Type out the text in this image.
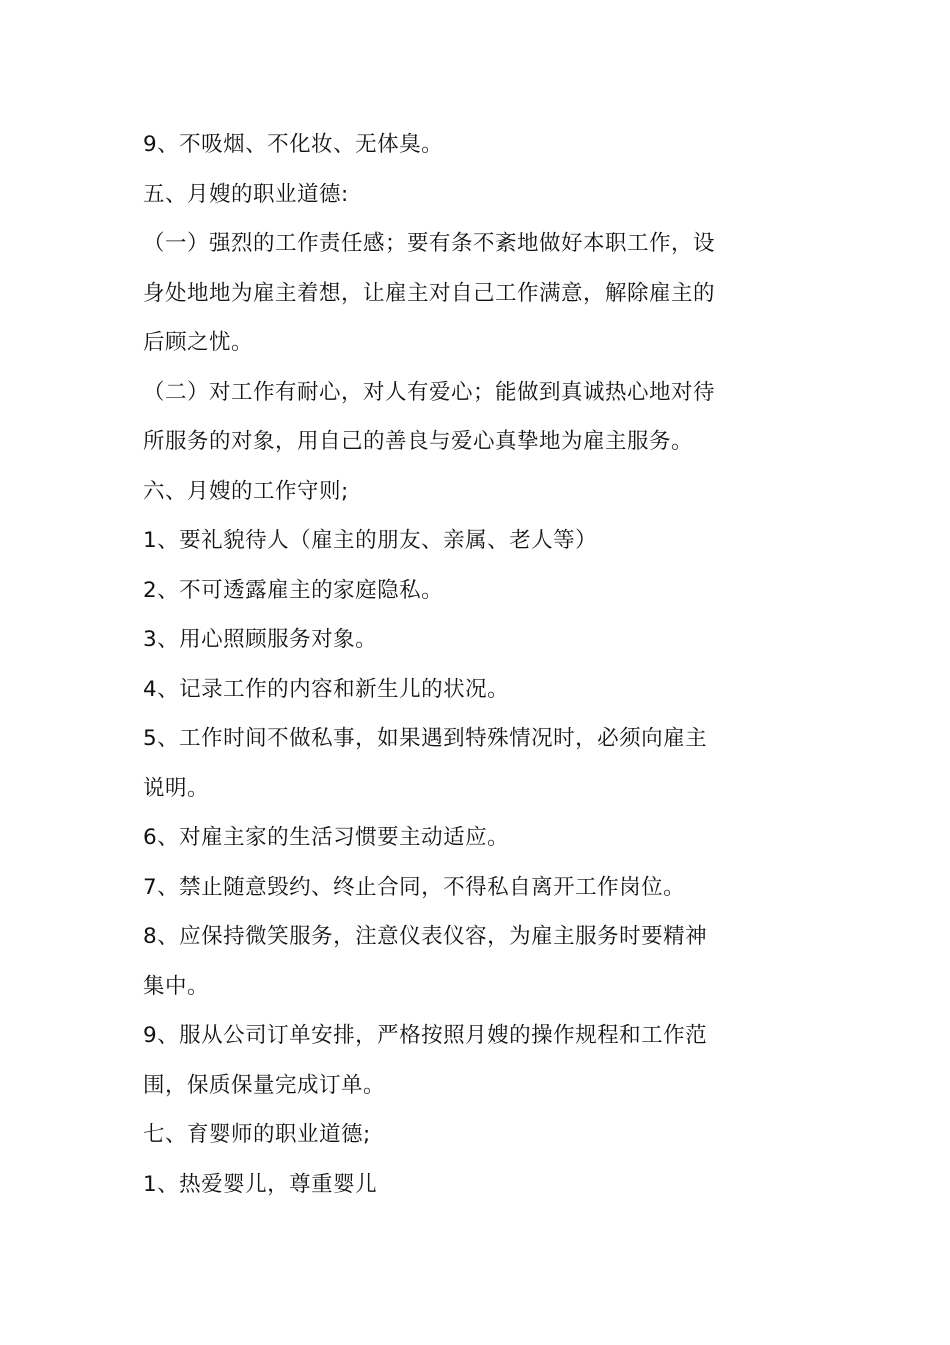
9、不吸烟、不化妆、无体臭。
五、月嫂的职业道德:
（一）强烈的工作责任感；要有条不紊地做好本职工作，设
身处地地为雇主着想，让雇主对自己工作满意，解除雇主的
后顾之忧。
（二）对工作有耐心，对人有爱心；能做到真诚热心地对待
所服务的对象，用自己的善良与爱心真挚地为雇主服务。
六、月嫂的工作守则;
1、要礼貌待人（雇主的朋友、亲属、老人等）
2、不可透露雇主的家庭隐私。
3、用心照顾服务对象。
4、记录工作的内容和新生儿的状况。
5、工作时间不做私事，如果遇到特殊情况时，必须向雇主
说明。
6、对雇主家的生活习惯要主动适应。
7、禁止随意毁约、终止合同，不得私自离开工作岗位。
8、应保持微笑服务，注意仪表仪容，为雇主服务时要精神
集中。
9、服从公司订单安排，严格按照月嫂的操作规程和工作范
围，保质保量完成订单。
七、育婴师的职业道德;
1、热爱婴儿，尊重婴儿
